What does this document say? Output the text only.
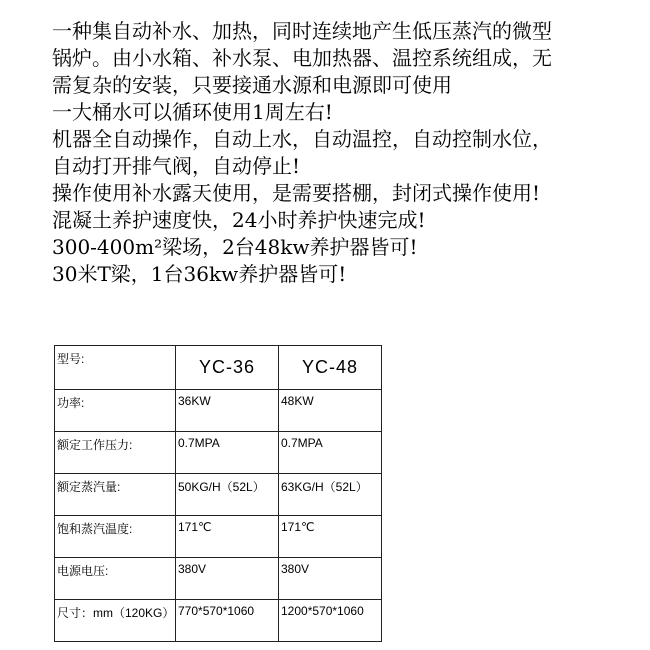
一种集自动补水、加热，同时连续地产生低压蒸汽的微型
锅炉。由小水箱、补水泵、电加热器、温控系统组成，无
需复杂的安装，只要接通水源和电源即可使用
一大桶水可以循环使用1周左右!
机器全自动操作，自动上水，自动温控，自动控制水位，
自动打开排气阀，自动停止!
操作使用补水露天使用，是需要搭棚，封闭式操作使用!
混凝土养护速度快，24小时养护快速完成!
300-400m²梁场，2台48kw养护器皆可!
30米T梁，1台36kw养护器皆可!
型号:	YC-36	YC-48
功率:	36KW	48KW
额定工作压力:	0.7MPA	0.7MPA
额定蒸汽量:	50KG/H（52L）	63KG/H（52L）
饱和蒸汽温度:	171℃	171℃
电源电压:	380V	380V
尺寸：mm（120KG）	770*570*1060	1200*570*1060
